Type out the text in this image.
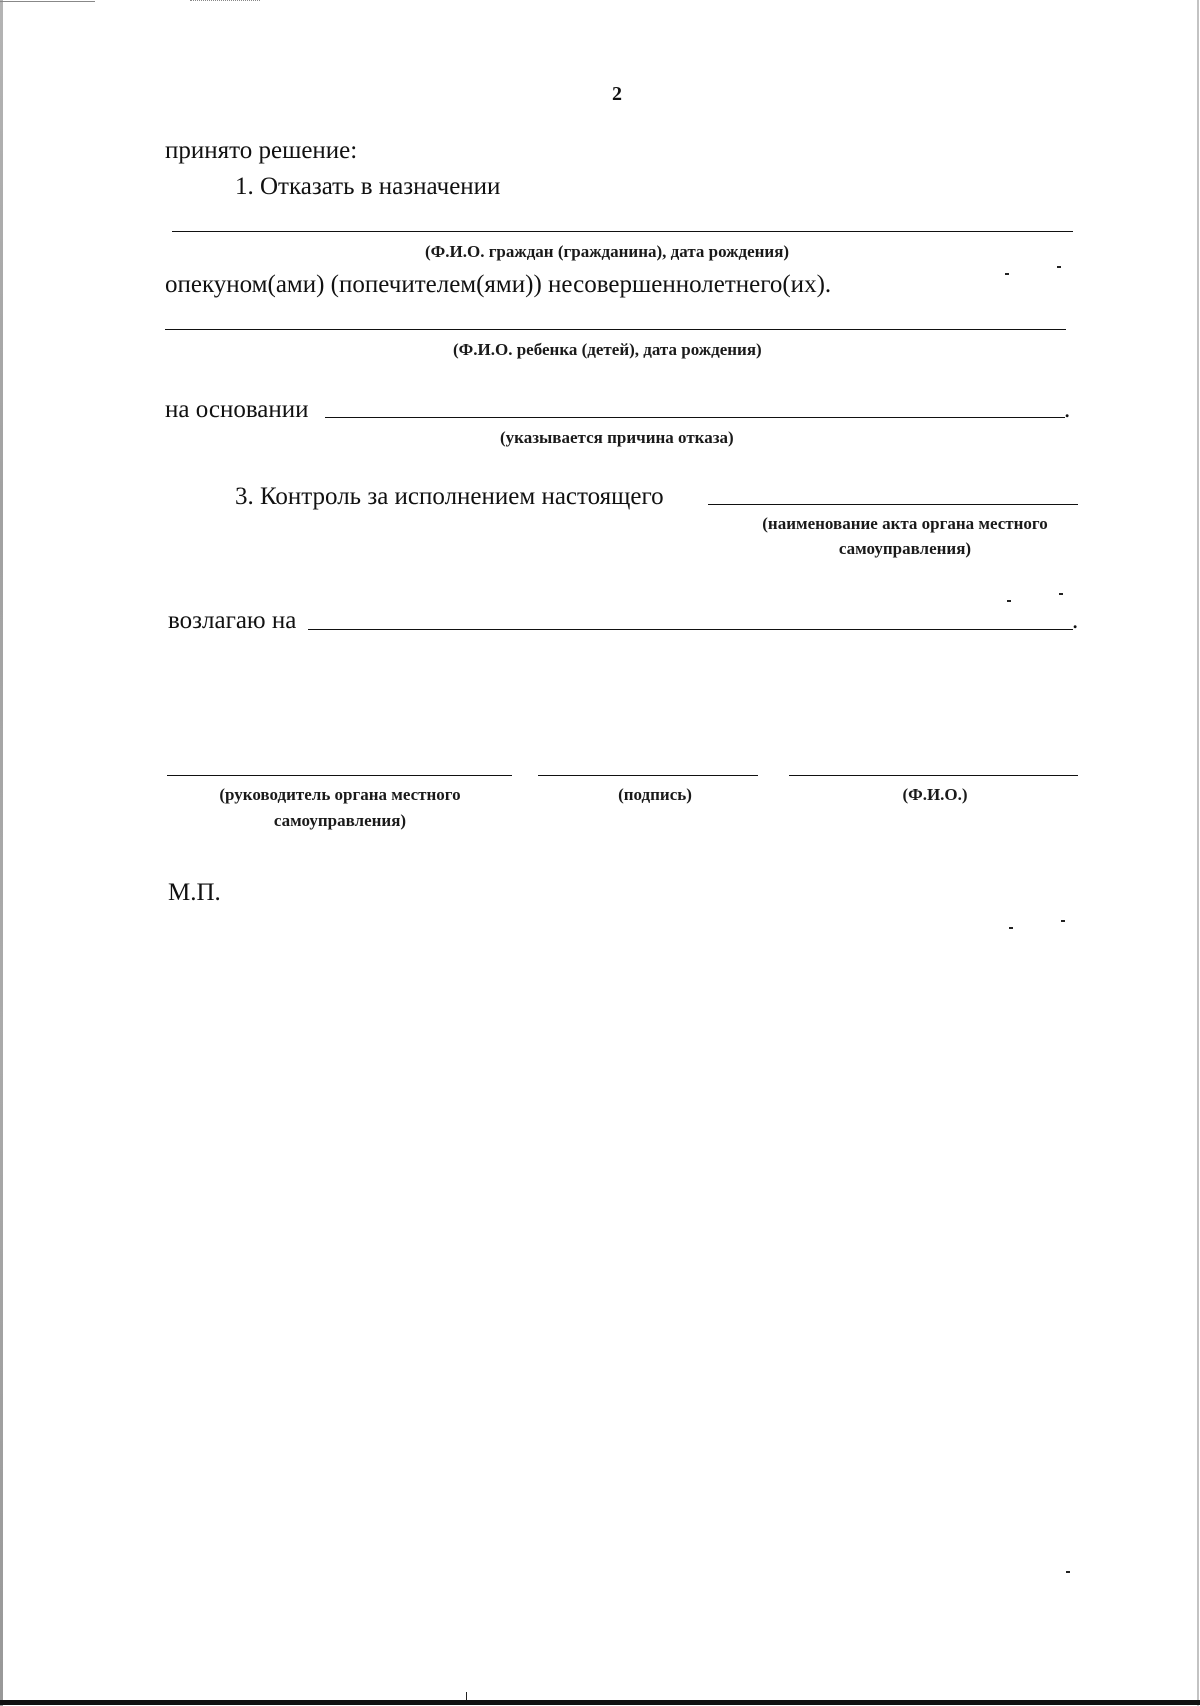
2
принято решение:
1. Отказать в назначении
(Ф.И.О. граждан (гражданина), дата рождения)
опекуном(ами) (попечителем(ями)) несовершеннолетнего(их).
(Ф.И.О. ребенка (детей), дата рождения)
на основании	.
(указывается причина отказа)
3. Контроль за исполнением настоящего
(наименование акта органа местного
самоуправления)
возлагаю на	.
(руководитель органа местного
самоуправления)
(подпись)	(Ф.И.О.)
М.П.
